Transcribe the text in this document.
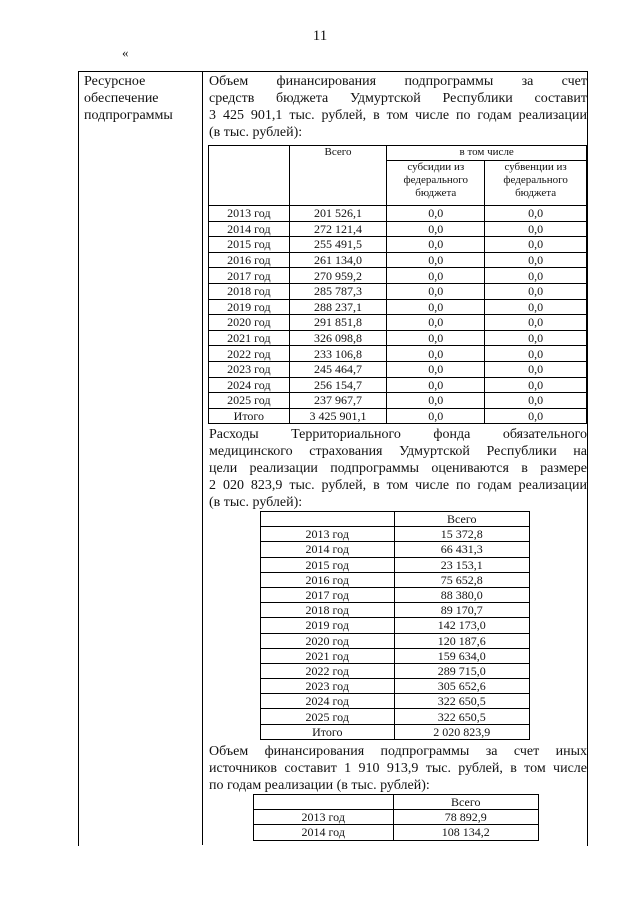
11
«
Ресурсное
обеспечение
подпрограммы
Объем финансирования подпрограммы за счет
средств бюджета Удмуртской Республики составит
3 425 901,1 тыс. рублей, в том числе по годам реализации
(в тыс. рублей):
	Всего	в том числе	
		субсидии из федерального бюджета	субвенции из федерального бюджета
2013 год	201 526,1	0,0	0,0
2014 год	272 121,4	0,0	0,0
2015 год	255 491,5	0,0	0,0
2016 год	261 134,0	0,0	0,0
2017 год	270 959,2	0,0	0,0
2018 год	285 787,3	0,0	0,0
2019 год	288 237,1	0,0	0,0
2020 год	291 851,8	0,0	0,0
2021 год	326 098,8	0,0	0,0
2022 год	233 106,8	0,0	0,0
2023 год	245 464,7	0,0	0,0
2024 год	256 154,7	0,0	0,0
2025 год	237 967,7	0,0	0,0
Итого	3 425 901,1	0,0	0,0
Расходы Территориального фонда обязательного
медицинского страхования Удмуртской Республики на
цели реализации подпрограммы оцениваются в размере
2 020 823,9 тыс. рублей, в том числе по годам реализации
(в тыс. рублей):
	Всего
2013 год	15 372,8
2014 год	66 431,3
2015 год	23 153,1
2016 год	75 652,8
2017 год	88 380,0
2018 год	89 170,7
2019 год	142 173,0
2020 год	120 187,6
2021 год	159 634,0
2022 год	289 715,0
2023 год	305 652,6
2024 год	322 650,5
2025 год	322 650,5
Итого	2 020 823,9
Объем финансирования подпрограммы за счет иных
источников составит 1 910 913,9 тыс. рублей, в том числе
по годам реализации (в тыс. рублей):
	Всего
2013 год	78 892,9
2014 год	108 134,2
